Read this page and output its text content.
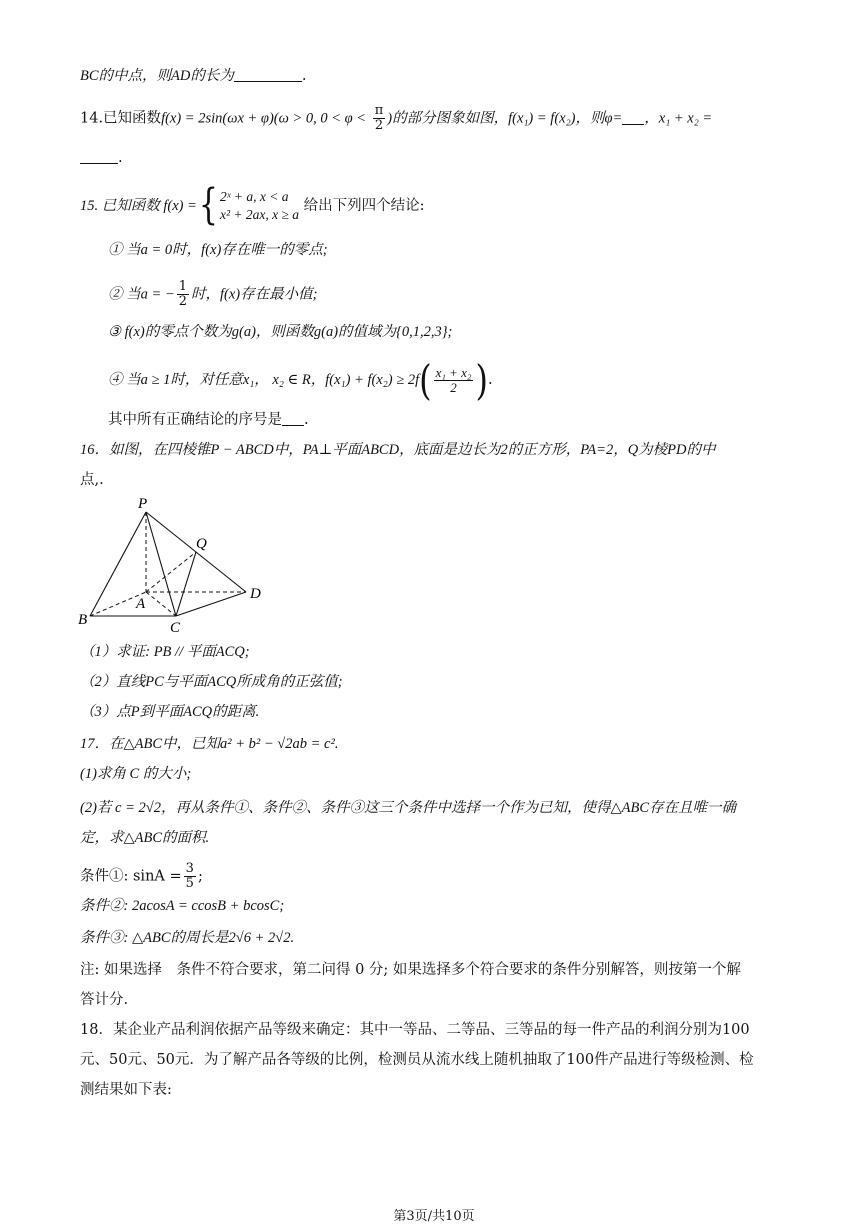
BC的中点，则AD的长为	.
14.已知函数f(x) = 2sin(ωx + φ)(ω > 0, $0 < \varphi < \frac{\pi}{2}$ )的部分图象如图，f(x₁) = f(x₂)，则φ= ，x₁ + x₂ =
.
15. 已知函数 f(x) ={ 2ˣ + a, x < a
x² + 2ax, x ≥ a
给出下列四个结论:
① 当a = 0时，f(x)存在唯一的零点;
② 当a = − $\frac{1}{2}$ 时，f(x)存在最小值;
③ f(x)的零点个数为g(a)，则函数g(a)的值域为{0,1,2,3};
④ 当a ≥ 1时，对任意x₁， x₂ ∈ R，$f(x_1) + f(x_2) \ge 2f( \frac{\text{x₁ + x₂}}{2}$ ).
其中所有正确结论的序号是 .
16．如图，在四棱锥P − ABCD中，PA⊥平面ABCD，底面是边长为2的正方形，PA=2，Q为棱PD的中
点,.
P
Q
A
B	C
D
（1）求证: PB // 平面ACQ;
（2）直线PC与平面ACQ所成角的正弦值;
（3）点P到平面ACQ的距离.
17．在△ABC中，已知a² + b² − √2ab = c².
(1)求角 C 的大小;
(2)若 c = 2√2，再从条件①、条件②、条件③这三个条件中选择一个作为已知，使得△ABC存在且唯一确
定，求△ABC的面积.
条件①: $\sin A = \frac{3}{5}$ ;
条件②: 2acosA = ccosB + bcosC;
条件③: △ABC的周长是2√6 + 2√2.
注: 如果选择　条件不符合要求，第二问得 0 分; 如果选择多个符合要求的条件分别解答，则按第一个解
答计分.
18．某企业产品利润依据产品等级来确定：其中一等品、二等品、三等品的每一件产品的利润分别为100
元、50元、50元．为了解产品各等级的比例，检测员从流水线上随机抽取了100件产品进行等级检测、检
测结果如下表:
第3页/共10页
